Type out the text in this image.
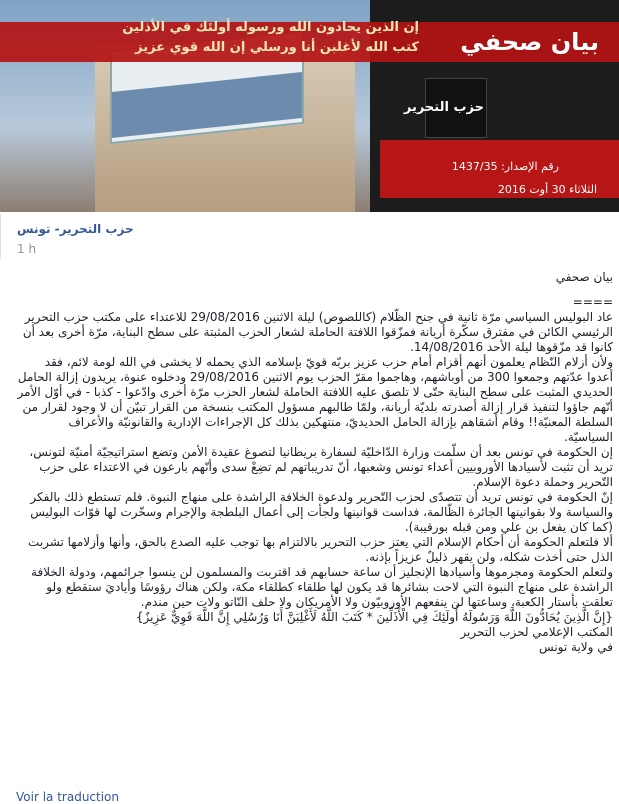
إن الذين يحادون الله ورسوله أولئك في الأذلين
كتب الله لأغلبن أنا ورسلي إن الله قوي عزيز بيان صحفي
حزب التحرير
رقم الإصدار: 1437/35
الثلاثاء 30 أوت 2016
حزب التحرير- تونس
1 h

بيان صحفي

====

عاد البوليس السياسي مرّة ثانية في جنح الظّلام (كاللصوص) ليلة الاثنين 29/08/2016 للاعتداء على مكتب حزب التحرير الرئيسي الكائن في مفترق سكّرة أريانة فمزّقوا اللافتة الحاملة لشعار الحزب المثبتة على سطح البناية، مرّة أخرى بعد أن كانوا قد مزّقوها ليلة الأحد 14/08/2016.

ولأن أزلام النّظام يعلمون أنهم أقزام أمام حزب عزيز بربّه قويّ بإسلامه الذي يحمله لا يخشى في الله لومة لائم، فقد أعدوا عدّتهم وجمعوا 300 من أوباشهم، وهاجموا مقرّ الحزب يوم الاثنين 29/08/2016 ودخلوه عنوة، يريدون إزالة الحامل الحديدي المثبت على سطح البناية حتّى لا تلصق عليه اللافتة الحاملة لشعار الحزب مرّة أخرى وادّعوا - كذبا - في أوّل الأمر أنّهم جاؤوا لتنفيذ قرار إزالة أصدرته بلديّة أريانة، ولمّا طالبهم مسؤول المكتب بنسخة من القرار تبيّن أن لا وجود لقرار من السلطة المعنيّة!! وقام أشقاهم بإزالة الحامل الحديديّ، منتهكين بذلك كل الإجراءات الإدارية والقانونيّة والأعراف السياسيّة.

إن الحكومة في تونس بعد أن سلّمت وزارة الدّاخليّة لسفارة بريطانيا لتصوغ عقيدة الأمن وتضع استراتيجيّة أمنيّة لتونس، تريد أن تثبت لأسيادها الأوروبيين أعداء تونس وشعبها، أنّ تدريباتهم لم تضِعْ سدى وأنّهم بارعون في الاعتداء على حزب التّحرير وحملة دعوة الإسلام.

إنّ الحكومة في تونس تريد أن تتصدّى لحزب التّحرير ولدعوة الخلافة الراشدة على منهاج النبوة. فلم تستطع ذلك بالفكر والسياسة ولا بقوانينها الجائرة الظّالمة، فداست قوانينها ولجأت إلى أعمال البلطجة والإجرام وسخّرت لها قوّات البوليس (كما كان يفعل بن علي ومن قبله بورقيبة).

ألا فلتعلم الحكومة أن أحكام الإسلام التي يعتز حزب التحرير بالالتزام بها توجب عليه الصدع بالحق، وأنها وأزلامها تشربت الذل حتى أخذت شكله، ولن يقهر ذليلٌ عزيزاً بإذنه.

ولتعلم الحكومة ومجرموها وأسيادها الإنجليز أن ساعة حسابهم قد اقتربت والمسلمون لن ينسوا جرائمهم، ودولة الخلافة الراشدة على منهاج النبوة التي لاحت بشائرها قد يكون لها طلقاء كطلقاء مكة، ولكن هناك رؤوسًا وأياديَ ستقطع ولو تعلقت بأستار الكعبة، وساعتها لن ينفعهم الأوروبيّون ولا الأمريكان ولا حلف النّاتو ولات حين مندم.

{إِنَّ الَّذِينَ يُحَادُّونَ اللَّهَ وَرَسُولَهُ أُولَئِكَ فِي الْأَذَلِّينَ * كَتَبَ اللَّهُ لَأَغْلِبَنَّ أَنَا وَرُسُلِي إِنَّ اللَّهَ قَوِيٌّ عَزِيزٌ}

المكتب الإعلامي لحزب التحرير

في ولاية تونس

Voir la traduction
